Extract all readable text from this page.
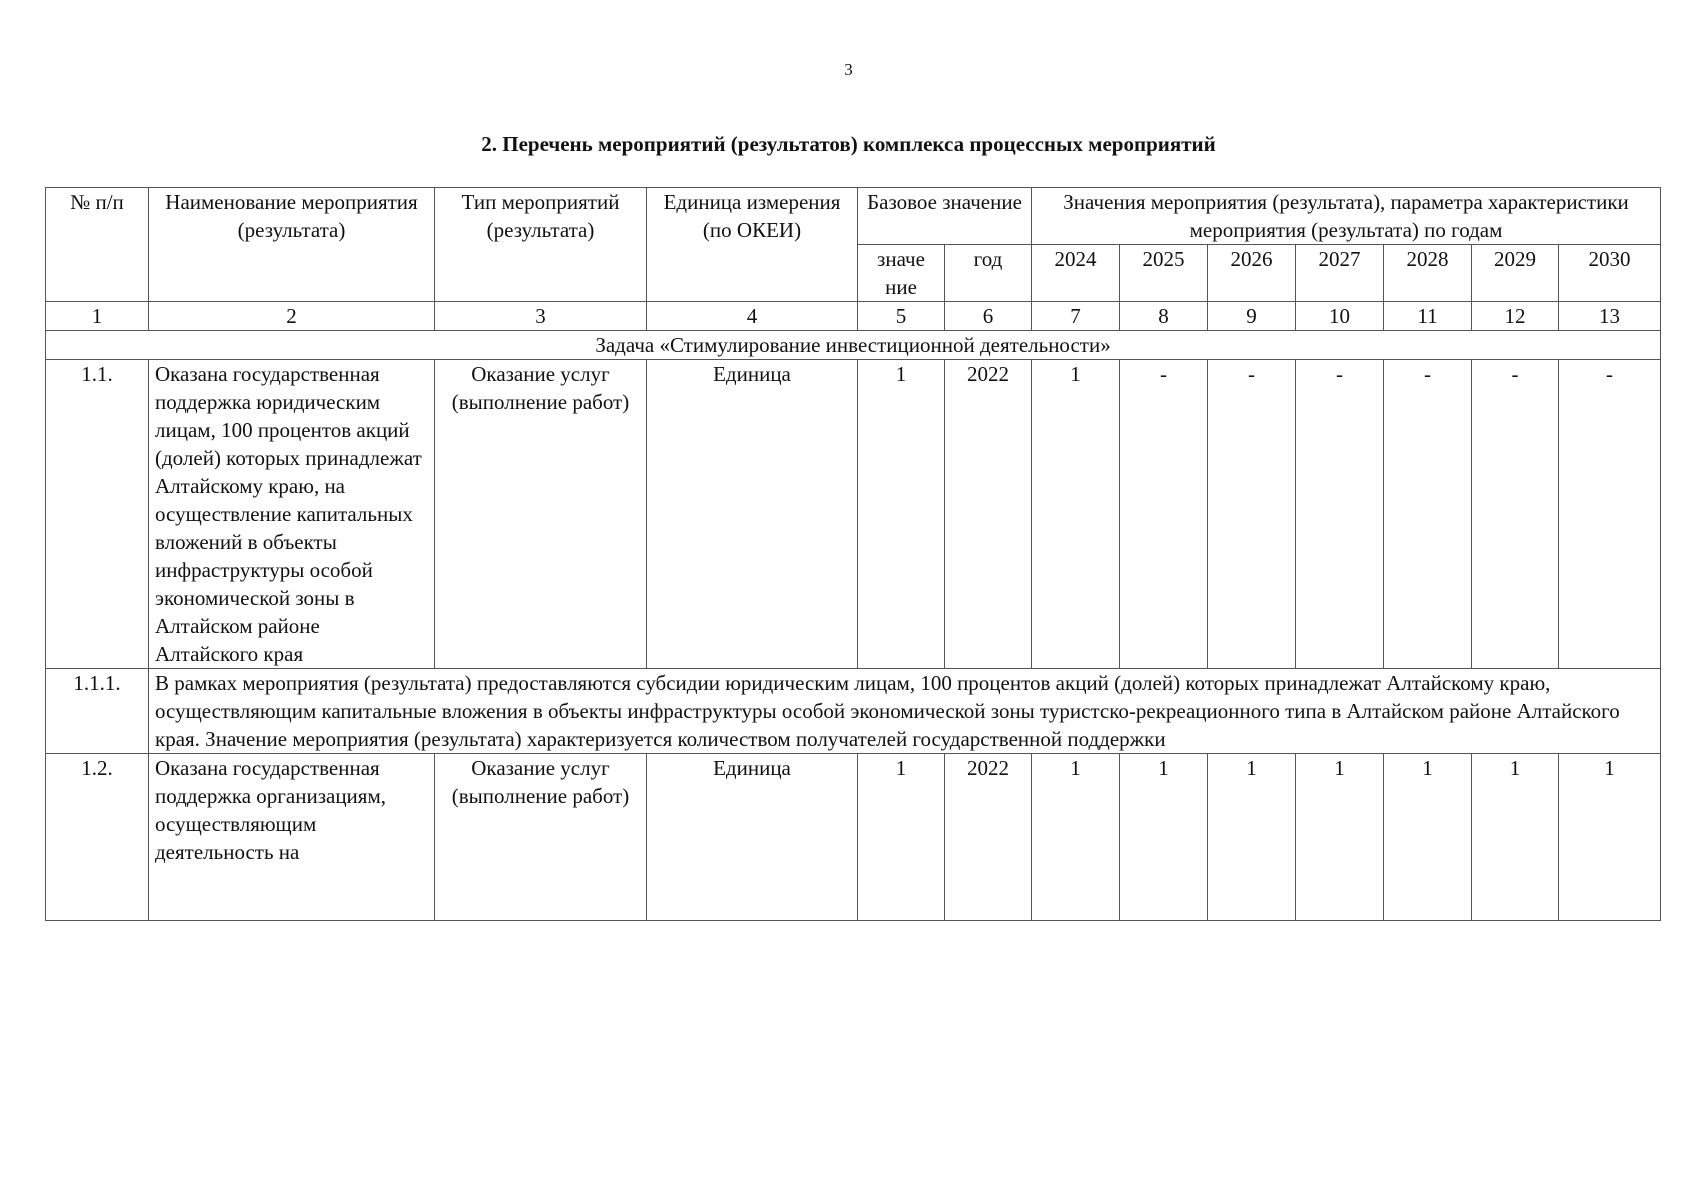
3
2. Перечень мероприятий (результатов) комплекса процессных мероприятий
№ п/п	Наименование мероприятия (результата)	Тип мероприятий (результата)	Единица измерения (по ОКЕИ)	Базовое значение		Значения мероприятия (результата), параметра характеристики мероприятия (результата) по годам						
				значе ние	год	2024	2025	2026	2027	2028	2029	2030
1	2	3	4	5	6	7	8	9	10	11	12	13
Задача «Стимулирование инвестиционной деятельности»												
1.1.	Оказана государственная поддержка юридическим лицам, 100 процентов акций (долей) которых принадлежат Алтайскому краю, на осуществление капитальных вложений в объекты инфраструктуры особой экономической зоны в Алтайском районе Алтайского края	Оказание услуг (выполнение работ)	Единица	1	2022	1	-	-	-	-	-	-
1.1.1.	В рамках мероприятия (результата) предоставляются субсидии юридическим лицам, 100 процентов акций (долей) которых принадлежат Алтайскому краю, осуществляющим капитальные вложения в объекты инфраструктуры особой экономической зоны туристско-рекреационного типа в Алтайском районе Алтайского края. Значение мероприятия (результата) характеризуется количеством получателей государственной поддержки											
1.2.	Оказана государственная поддержка организациям, осуществляющим деятельность на	Оказание услуг (выполнение работ)	Единица	1	2022	1	1	1	1	1	1	1
